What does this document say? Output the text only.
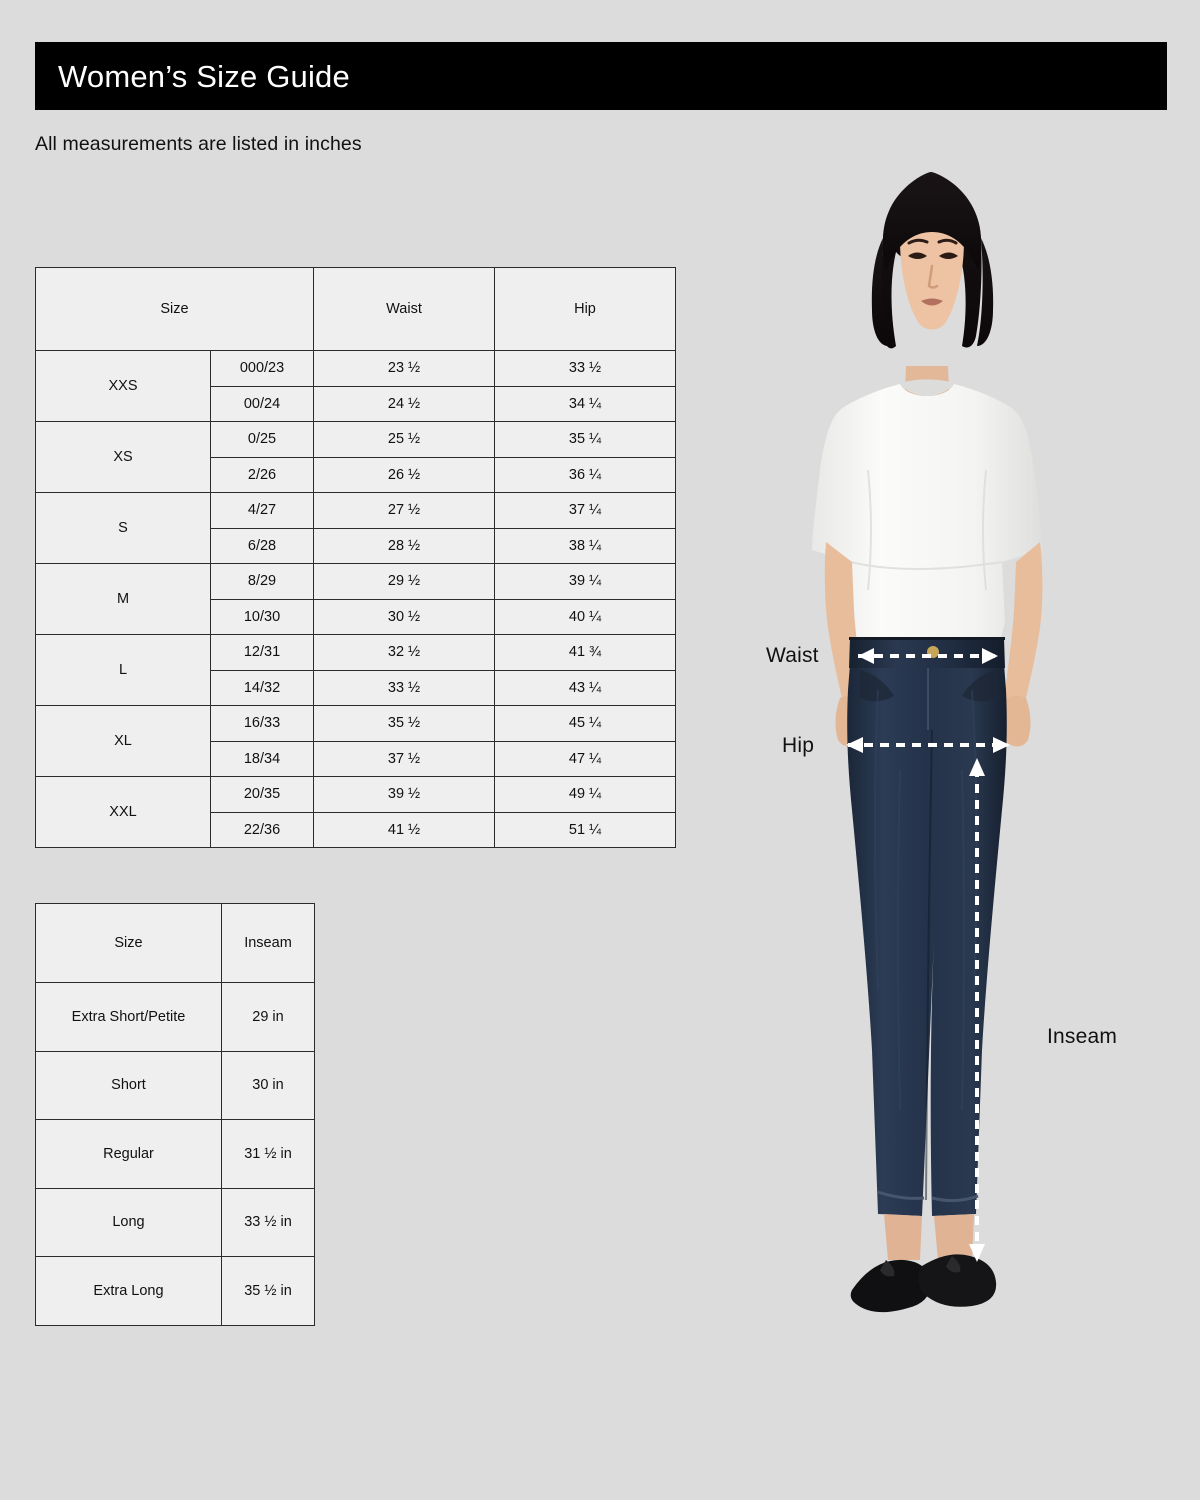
Women’s Size Guide
All measurements are listed in inches
Size		Waist	Hip
XXS	000/23	23 ½	33 ½
	00/24	24 ½	34 ¼
XS	0/25	25 ½	35 ¼
	2/26	26 ½	36 ¼
S	4/27	27 ½	37 ¼
	6/28	28 ½	38 ¼
M	8/29	29 ½	39 ¼
	10/30	30 ½	40 ¼
L	12/31	32 ½	41 ¾
	14/32	33 ½	43 ¼
XL	16/33	35 ½	45 ¼
	18/34	37 ½	47 ¼
XXL	20/35	39 ½	49 ¼
	22/36	41 ½	51 ¼
Size	Inseam
Extra Short/Petite	29 in
Short	30 in
Regular	31 ½ in
Long	33 ½ in
Extra Long	35 ½ in
Waist
Hip
Inseam
